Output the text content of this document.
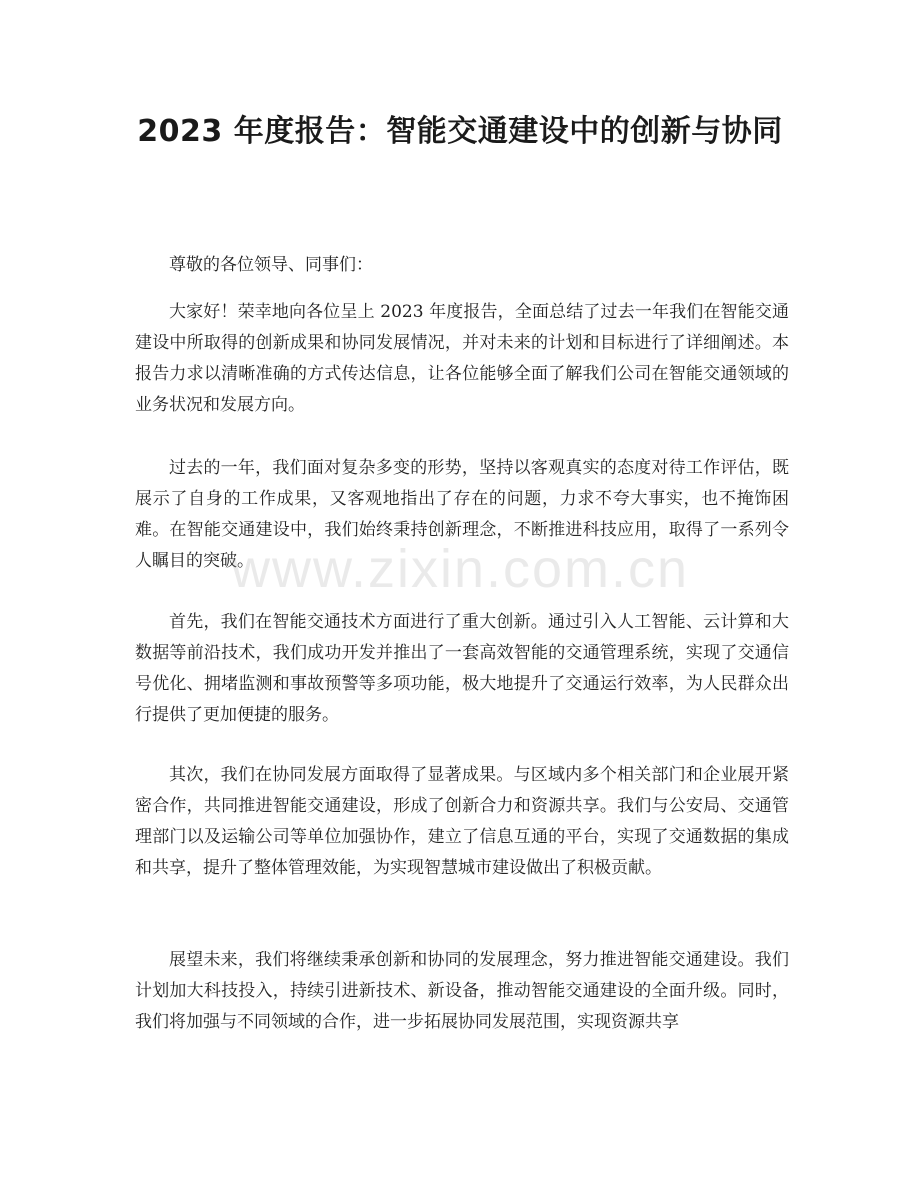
2023 年度报告：智能交通建设中的创新与协同

尊敬的各位领导、同事们：

大家好！荣幸地向各位呈上 2023 年度报告，全面总结了过去一年我们在智能交通建设中所取得的创新成果和协同发展情况，并对未来的计划和目标进行了详细阐述。本报告力求以清晰准确的方式传达信息，让各位能够全面了解我们公司在智能交通领域的业务状况和发展方向。

过去的一年，我们面对复杂多变的形势，坚持以客观真实的态度对待工作评估，既展示了自身的工作成果，又客观地指出了存在的问题，力求不夸大事实，也不掩饰困难。在智能交通建设中，我们始终秉持创新理念，不断推进科技应用，取得了一系列令人瞩目的突破。

首先，我们在智能交通技术方面进行了重大创新。通过引入人工智能、云计算和大数据等前沿技术，我们成功开发并推出了一套高效智能的交通管理系统，实现了交通信号优化、拥堵监测和事故预警等多项功能，极大地提升了交通运行效率，为人民群众出行提供了更加便捷的服务。

其次，我们在协同发展方面取得了显著成果。与区域内多个相关部门和企业展开紧密合作，共同推进智能交通建设，形成了创新合力和资源共享。我们与公安局、交通管理部门以及运输公司等单位加强协作，建立了信息互通的平台，实现了交通数据的集成和共享，提升了整体管理效能，为实现智慧城市建设做出了积极贡献。

展望未来，我们将继续秉承创新和协同的发展理念，努力推进智能交通建设。我们计划加大科技投入，持续引进新技术、新设备，推动智能交通建设的全面升级。同时，我们将加强与不同领域的合作，进一步拓展协同发展范围，实现资源共享

www.zixin.com.cn
